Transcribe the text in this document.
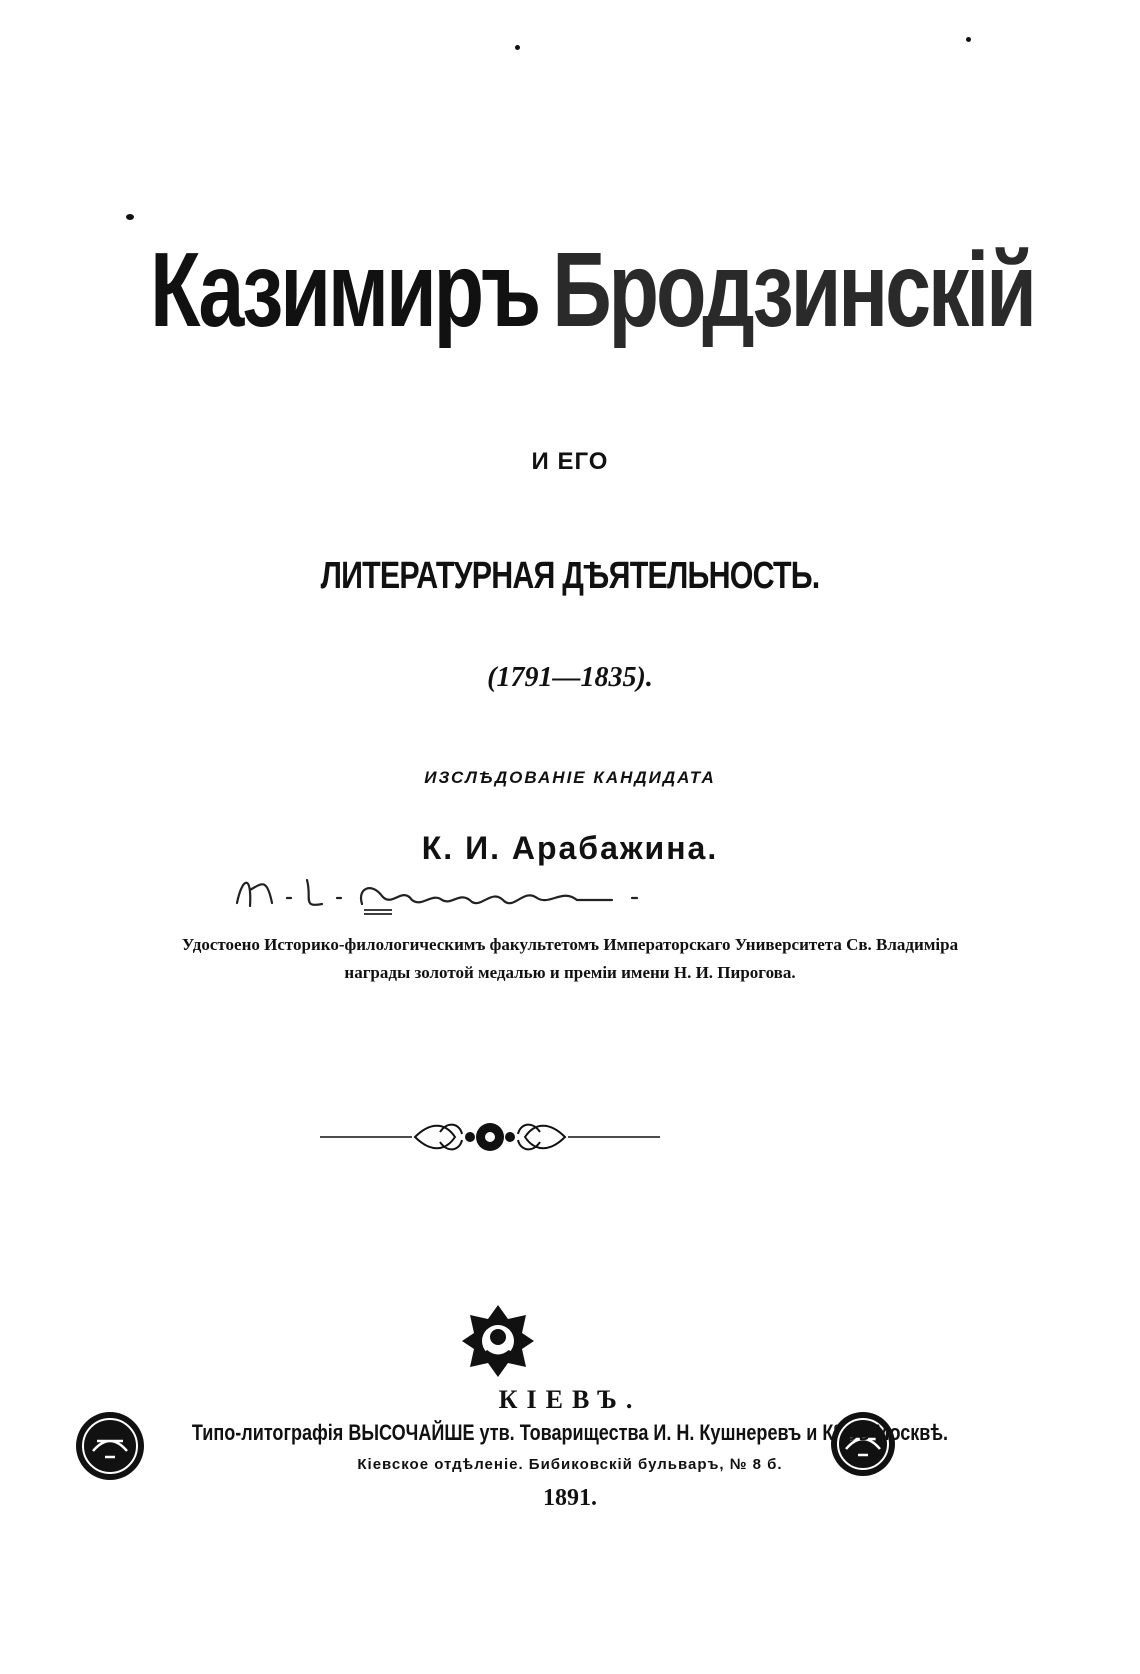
Казимиръ Бродзинскій
И ЕГО
ЛИТЕРАТУРНАЯ ДѢЯТЕЛЬНОСТЬ.
(1791—1835).
ИЗСЛѢДОВАНІЕ КАНДИДАТА
К. И. Арабажина.
Удостоено Историко-филологическимъ факультетомъ Императорскаго Университета Св. Владиміра
награды золотой медалью и преміи имени Н. И. Пирогова.
КІЕВЪ.
Типо-литографія ВЫСОЧАЙШЕ утв. Товарищества И. Н. Кушнеревъ и К° въ Москвѣ.
Кіевское отдѣленіе. Бибиковскій бульваръ, № 8 б.
1891.
